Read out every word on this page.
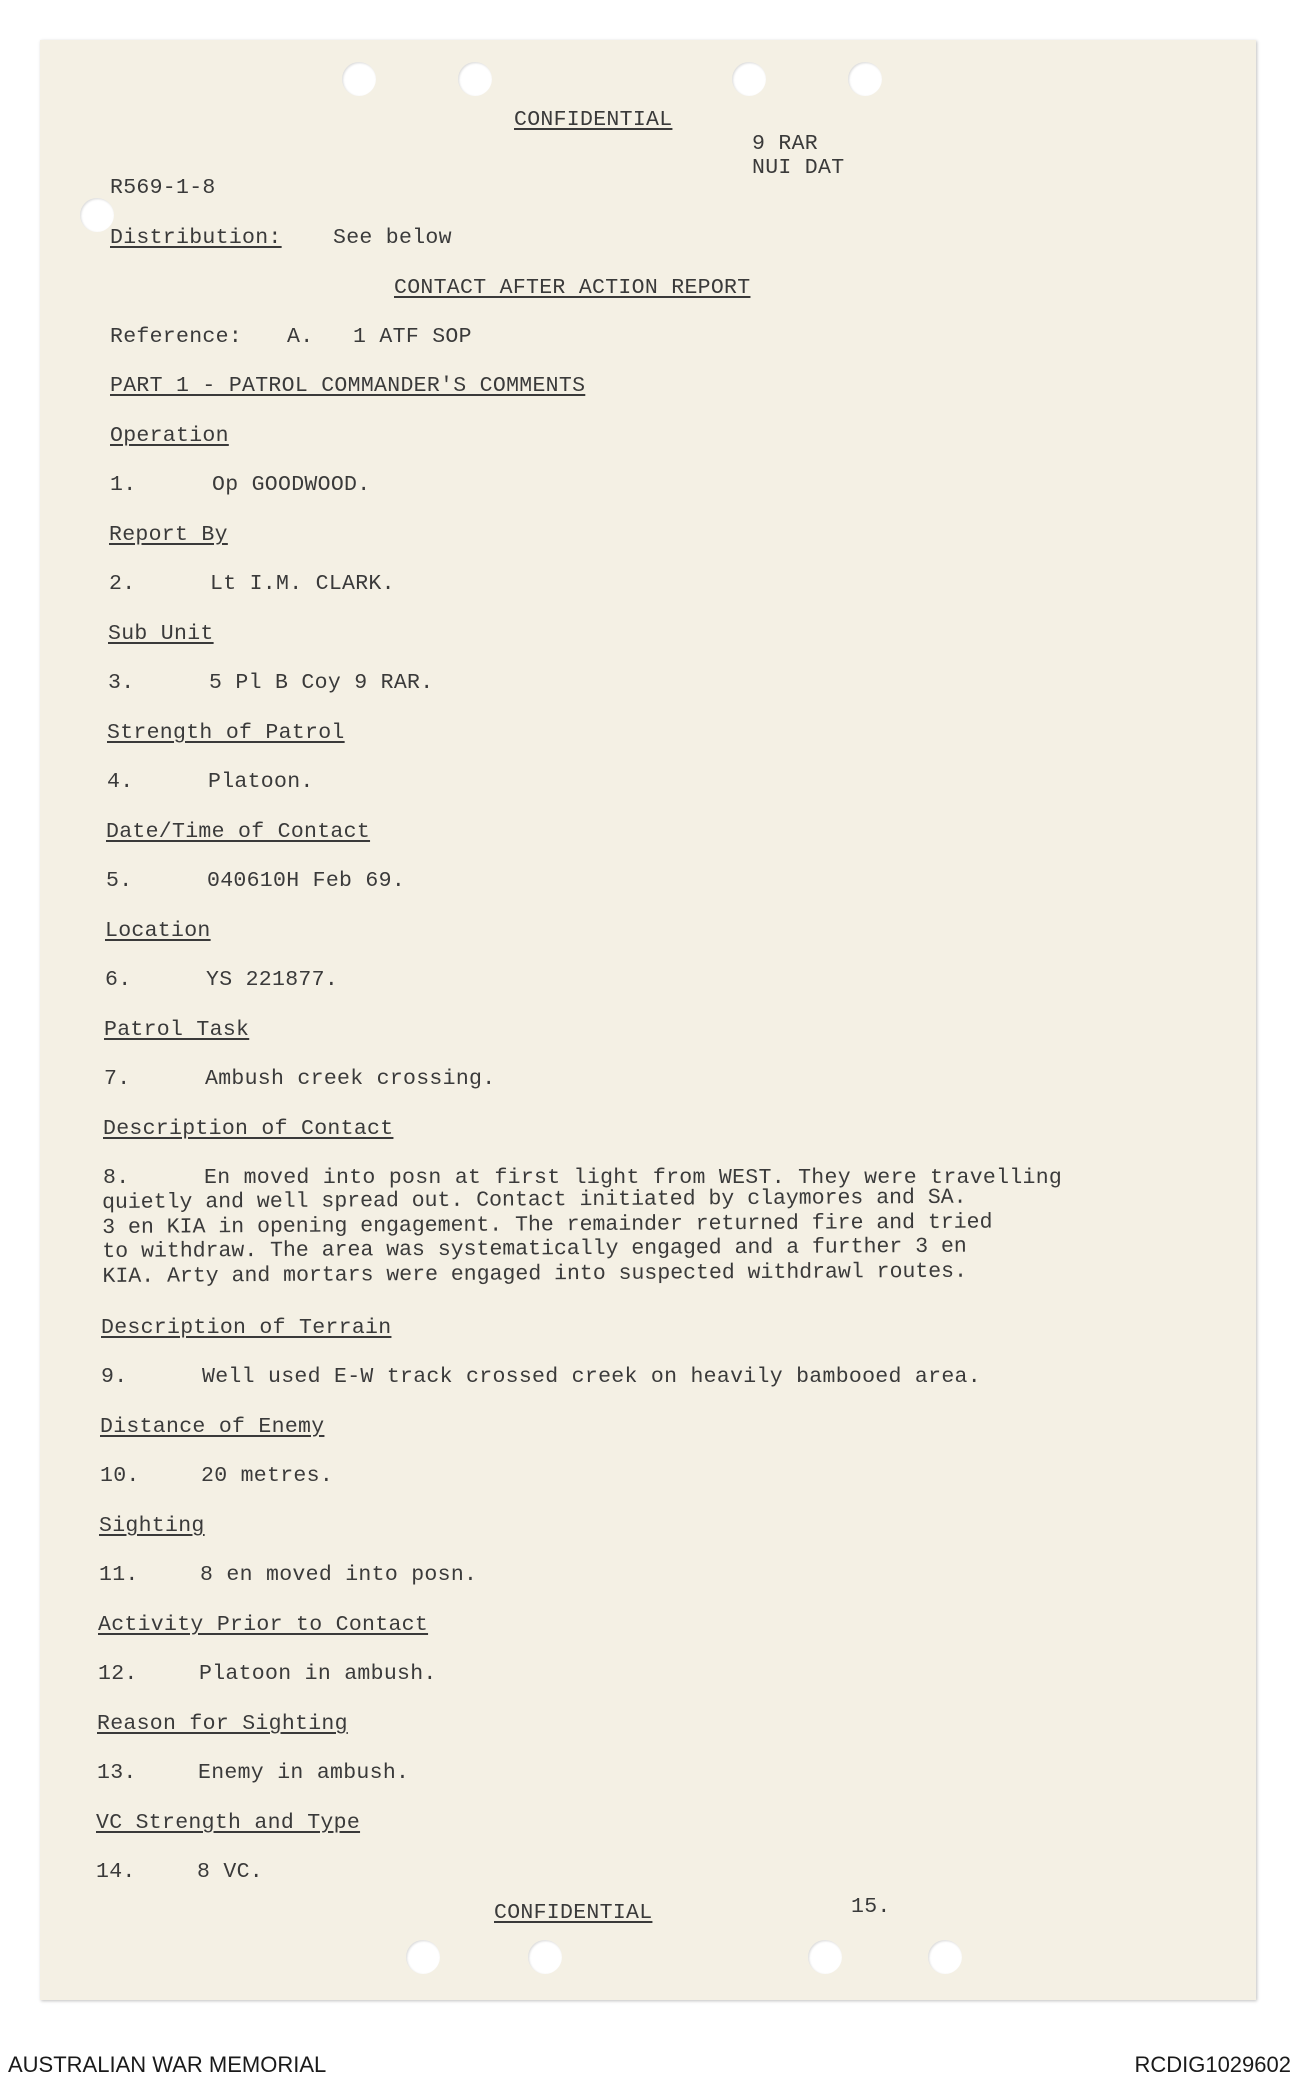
CONFIDENTIAL
9 RAR
NUI DAT
R569-1-8
Distribution: See below
CONTACT AFTER ACTION REPORT
Reference: A.   1 ATF SOP
PART 1 - PATROL COMMANDER'S COMMENTS
Operation
1.	Op GOODWOOD.
Report By
2.	Lt I.M. CLARK.
Sub Unit
3.	5 Pl B Coy 9 RAR.
Strength of Patrol
4.	Platoon.
Date/Time of Contact
5.	040610H Feb 69.
Location
6.	YS 221877.
Patrol Task
7.	Ambush creek crossing.
Description of Contact
8.	En moved into posn at first light from WEST. They were travelling
quietly and well spread out. Contact initiated by claymores and SA.
3 en KIA in opening engagement. The remainder returned fire and tried
to withdraw. The area was systematically engaged and a further 3 en
KIA. Arty and mortars were engaged into suspected withdrawl routes.
Description of Terrain
9.	Well used E-W track crossed creek on heavily bambooed area.
Distance of Enemy
10.	20 metres.
Sighting
11.	8 en moved into posn.
Activity Prior to Contact
12.	Platoon in ambush.
Reason for Sighting
13.	Enemy in ambush.
VC Strength and Type
14.	8 VC.
CONFIDENTIAL	15.
AUSTRALIAN WAR MEMORIAL	RCDIG1029602
